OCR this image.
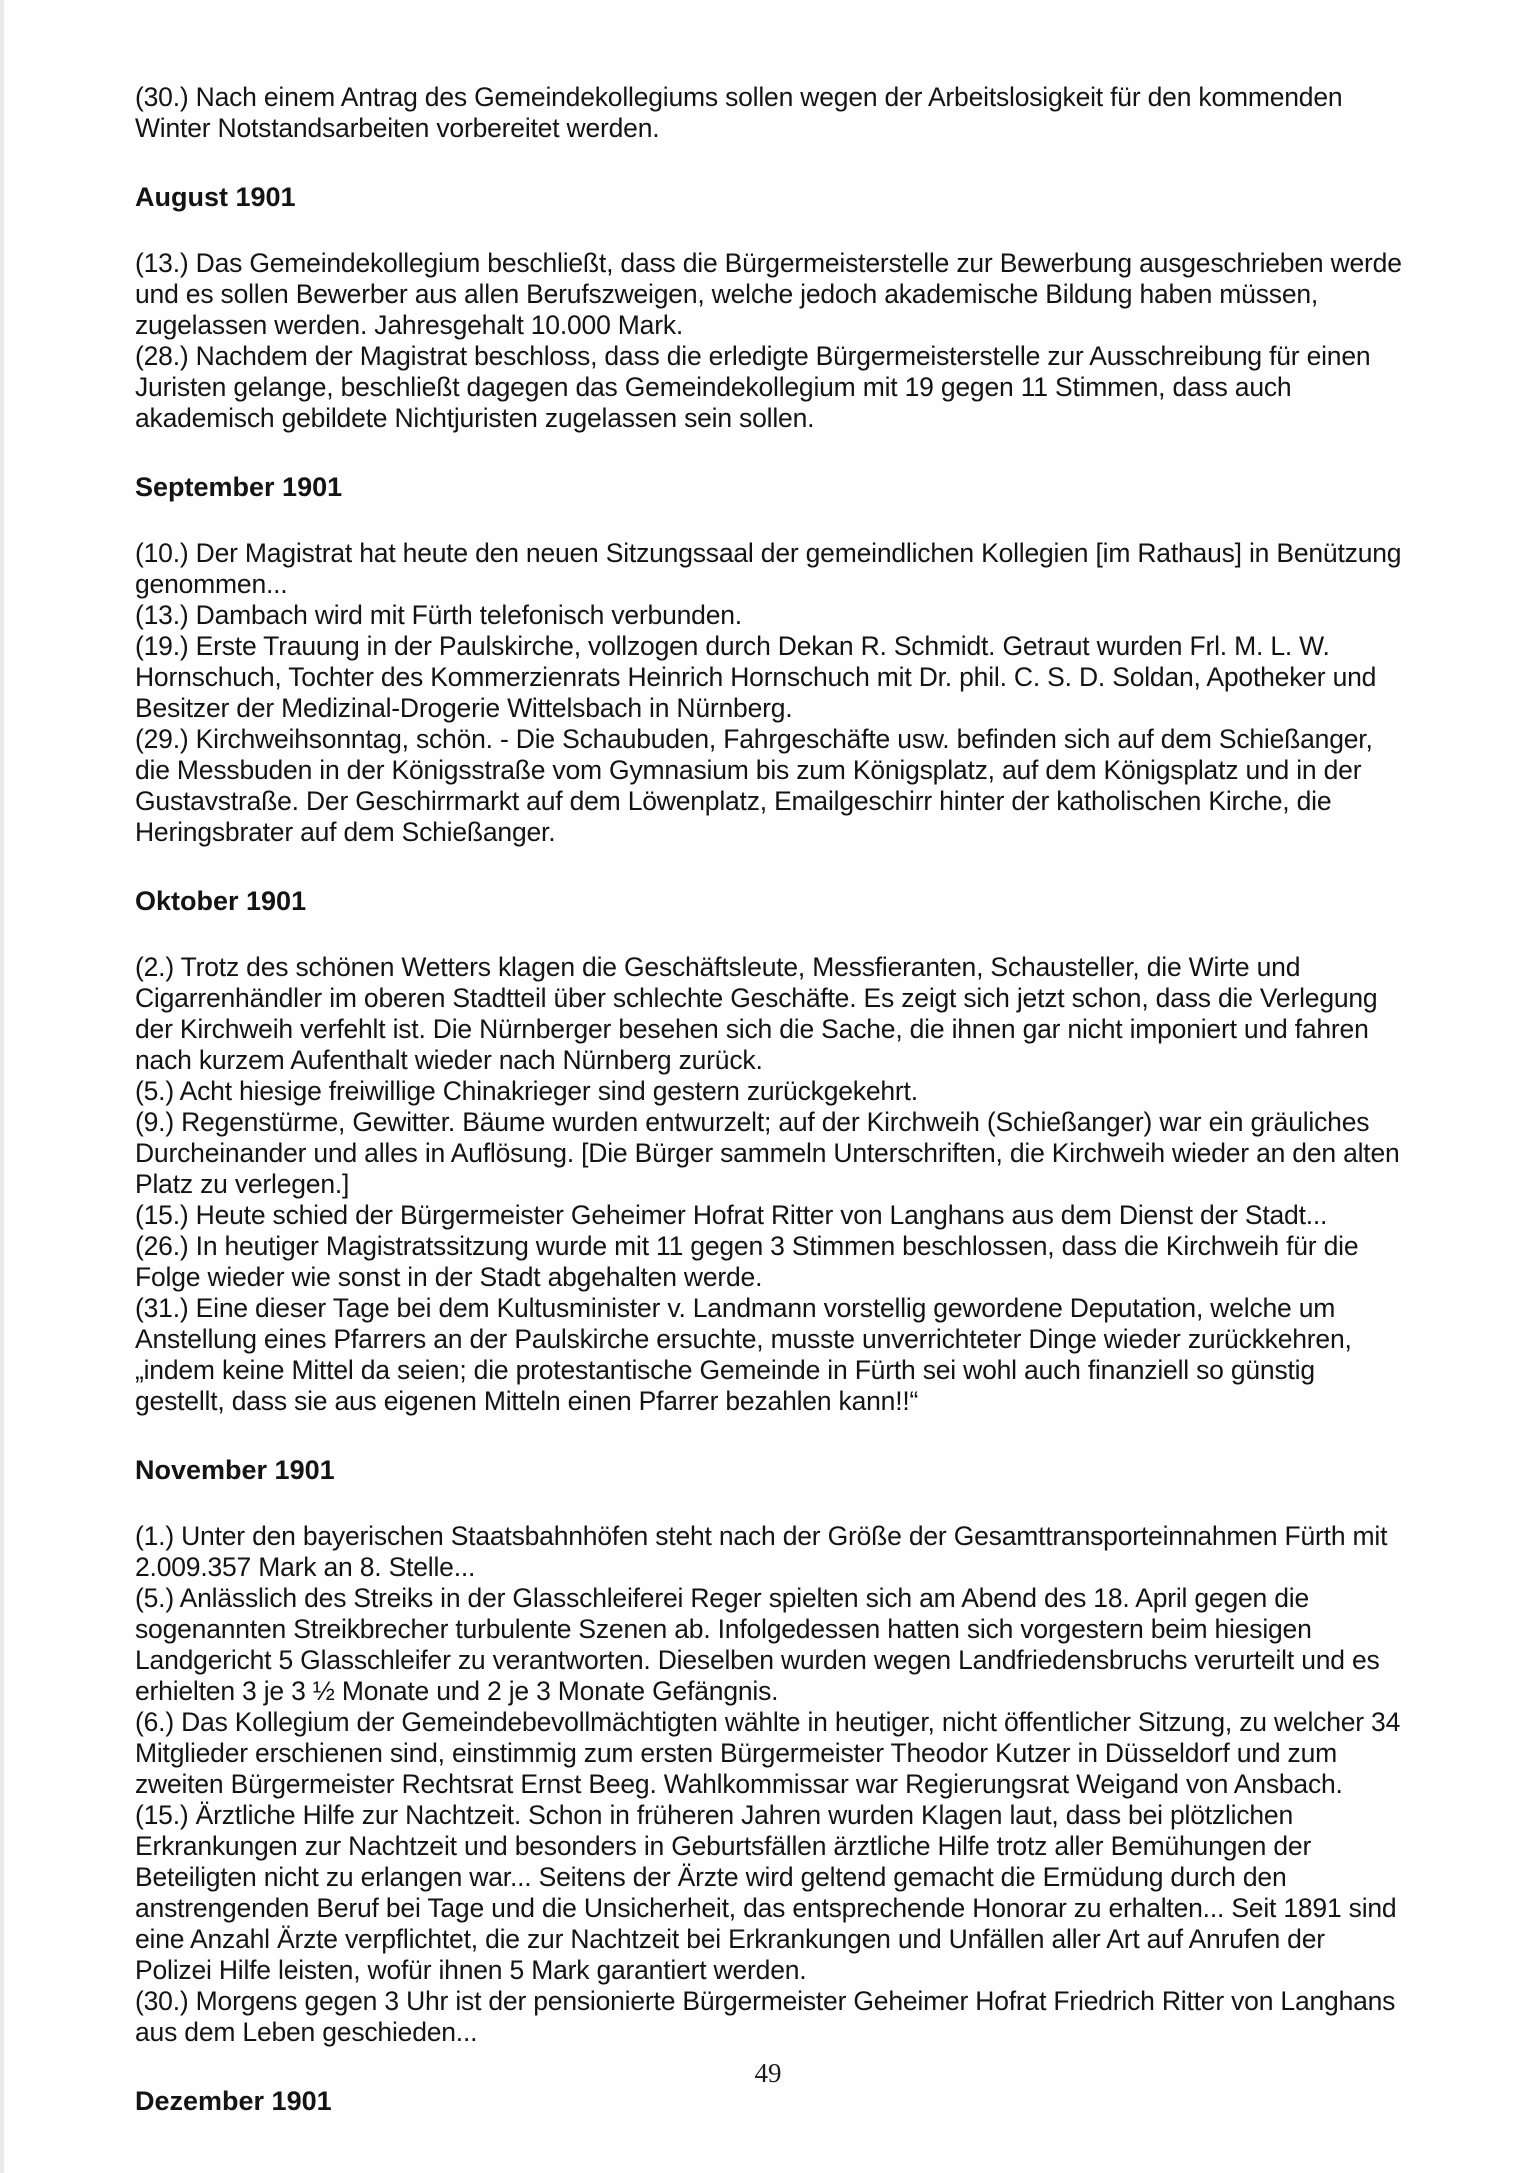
(30.) Nach einem Antrag des Gemeindekollegiums sollen wegen der Arbeitslosigkeit für den kommenden Winter Notstandsarbeiten vorbereitet werden.

August 1901

(13.) Das Gemeindekollegium beschließt, dass die Bürgermeisterstelle zur Bewerbung ausgeschrieben werde und es sollen Bewerber aus allen Berufszweigen, welche jedoch akademische Bildung haben müssen, zugelassen werden. Jahresgehalt 10.000 Mark.

(28.) Nachdem der Magistrat beschloss, dass die erledigte Bürgermeisterstelle zur Ausschreibung für einen Juristen gelange, beschließt dagegen das Gemeindekollegium mit 19 gegen 11 Stimmen, dass auch akademisch gebildete Nichtjuristen zugelassen sein sollen.

September 1901

(10.) Der Magistrat hat heute den neuen Sitzungssaal der gemeindlichen Kollegien [im Rathaus] in Benützung genommen...

(13.) Dambach wird mit Fürth telefonisch verbunden.

(19.) Erste Trauung in der Paulskirche, vollzogen durch Dekan R. Schmidt. Getraut wurden Frl. M. L. W. Hornschuch, Tochter des Kommerzienrats Heinrich Hornschuch mit Dr. phil. C. S. D. Soldan, Apotheker und Besitzer der Medizinal-Drogerie Wittelsbach in Nürnberg.

(29.) Kirchweihsonntag, schön. - Die Schaubuden, Fahrgeschäfte usw. befinden sich auf dem Schießanger, die Messbuden in der Königsstraße vom Gymnasium bis zum Königsplatz, auf dem Königsplatz und in der Gustavstraße. Der Geschirrmarkt auf dem Löwenplatz, Emailgeschirr hinter der katholischen Kirche, die Heringsbrater auf dem Schießanger.

Oktober 1901

(2.) Trotz des schönen Wetters klagen die Geschäftsleute, Messfieranten, Schausteller, die Wirte und Cigarrenhändler im oberen Stadtteil über schlechte Geschäfte. Es zeigt sich jetzt schon, dass die Verlegung der Kirchweih verfehlt ist. Die Nürnberger besehen sich die Sache, die ihnen gar nicht imponiert und fahren nach kurzem Aufenthalt wieder nach Nürnberg zurück.

(5.) Acht hiesige freiwillige Chinakrieger sind gestern zurückgekehrt.

(9.) Regenstürme, Gewitter. Bäume wurden entwurzelt; auf der Kirchweih (Schießanger) war ein gräuliches Durcheinander und alles in Auflösung. [Die Bürger sammeln Unterschriften, die Kirchweih wieder an den alten Platz zu verlegen.]

(15.) Heute schied der Bürgermeister Geheimer Hofrat Ritter von Langhans aus dem Dienst der Stadt...

(26.) In heutiger Magistratssitzung wurde mit 11 gegen 3 Stimmen beschlossen, dass die Kirchweih für die Folge wieder wie sonst in der Stadt abgehalten werde.

(31.) Eine dieser Tage bei dem Kultusminister v. Landmann vorstellig gewordene Deputation, welche um Anstellung eines Pfarrers an der Paulskirche ersuchte, musste unverrichteter Dinge wieder zurückkehren, „indem keine Mittel da seien; die protestantische Gemeinde in Fürth sei wohl auch finanziell so günstig gestellt, dass sie aus eigenen Mitteln einen Pfarrer bezahlen kann!!“

November 1901

(1.) Unter den bayerischen Staatsbahnhöfen steht nach der Größe der Gesamttransporteinnahmen Fürth mit 2.009.357 Mark an 8. Stelle...

(5.) Anlässlich des Streiks in der Glasschleiferei Reger spielten sich am Abend des 18. April gegen die sogenannten Streikbrecher turbulente Szenen ab. Infolgedessen hatten sich vorgestern beim hiesigen Landgericht 5 Glasschleifer zu verantworten. Dieselben wurden wegen Landfriedensbruchs verurteilt und es erhielten 3 je 3 ½ Monate und 2 je 3 Monate Gefängnis.

(6.) Das Kollegium der Gemeindebevollmächtigten wählte in heutiger, nicht öffentlicher Sitzung, zu welcher 34 Mitglieder erschienen sind, einstimmig zum ersten Bürgermeister Theodor Kutzer in Düsseldorf und zum zweiten Bürgermeister Rechtsrat Ernst Beeg. Wahlkommissar war Regierungsrat Weigand von Ansbach.

(15.) Ärztliche Hilfe zur Nachtzeit. Schon in früheren Jahren wurden Klagen laut, dass bei plötzlichen Erkrankungen zur Nachtzeit und besonders in Geburtsfällen ärztliche Hilfe trotz aller Bemühungen der Beteiligten nicht zu erlangen war... Seitens der Ärzte wird geltend gemacht die Ermüdung durch den anstrengenden Beruf bei Tage und die Unsicherheit, das entsprechende Honorar zu erhalten... Seit 1891 sind eine Anzahl Ärzte verpflichtet, die zur Nachtzeit bei Erkrankungen und Unfällen aller Art auf Anrufen der Polizei Hilfe leisten, wofür ihnen 5 Mark garantiert werden.

(30.) Morgens gegen 3 Uhr ist der pensionierte Bürgermeister Geheimer Hofrat Friedrich Ritter von Langhans aus dem Leben geschieden...

Dezember 1901
49
